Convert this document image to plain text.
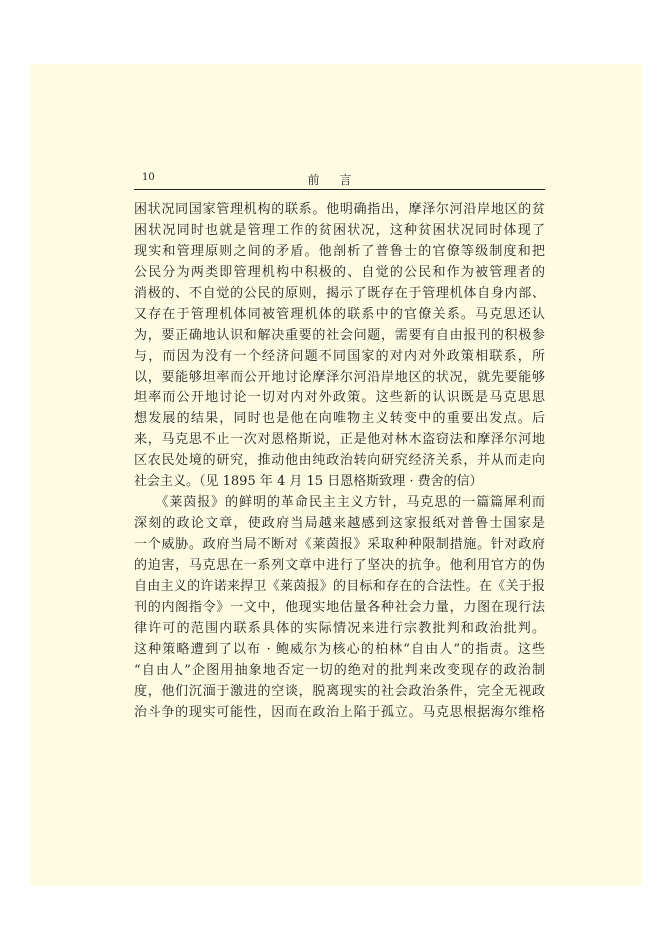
10	前言
困状况同国家管理机构的联系。他明确指出，摩泽尔河沿岸地区的贫
困状况同时也就是管理工作的贫困状况，这种贫困状况同时体现了
现实和管理原则之间的矛盾。他剖析了普鲁士的官僚等级制度和把
公民分为两类即管理机构中积极的、自觉的公民和作为被管理者的
消极的、不自觉的公民的原则，揭示了既存在于管理机体自身内部、
又存在于管理机体同被管理机体的联系中的官僚关系。马克思还认
为，要正确地认识和解决重要的社会问题，需要有自由报刊的积极参
与，而因为没有一个经济问题不同国家的对内对外政策相联系，所
以，要能够坦率而公开地讨论摩泽尔河沿岸地区的状况，就先要能够
坦率而公开地讨论一切对内对外政策。这些新的认识既是马克思思
想发展的结果，同时也是他在向唯物主义转变中的重要出发点。后
来，马克思不止一次对恩格斯说，正是他对林木盗窃法和摩泽尔河地
区农民处境的研究，推动他由纯政治转向研究经济关系，并从而走向
社会主义。（见 1895 年 4 月 15 日恩格斯致理 · 费舍的信）
　　《莱茵报》的鲜明的革命民主主义方针，马克思的一篇篇犀利而
深刻的政论文章，使政府当局越来越感到这家报纸对普鲁士国家是
一个威胁。政府当局不断对《莱茵报》采取种种限制措施。针对政府
的迫害，马克思在一系列文章中进行了坚决的抗争。他利用官方的伪
自由主义的许诺来捍卫《莱茵报》的目标和存在的合法性。在《关于报
刊的内阁指令》一文中，他现实地估量各种社会力量，力图在现行法
律许可的范围内联系具体的实际情况来进行宗教批判和政治批判。
这种策略遭到了以布 · 鲍威尔为核心的柏林“自由人”的指责。这些
“自由人”企图用抽象地否定一切的绝对的批判来改变现存的政治制
度，他们沉湎于激进的空谈，脱离现实的社会政治条件，完全无视政
治斗争的现实可能性，因而在政治上陷于孤立。马克思根据海尔维格
